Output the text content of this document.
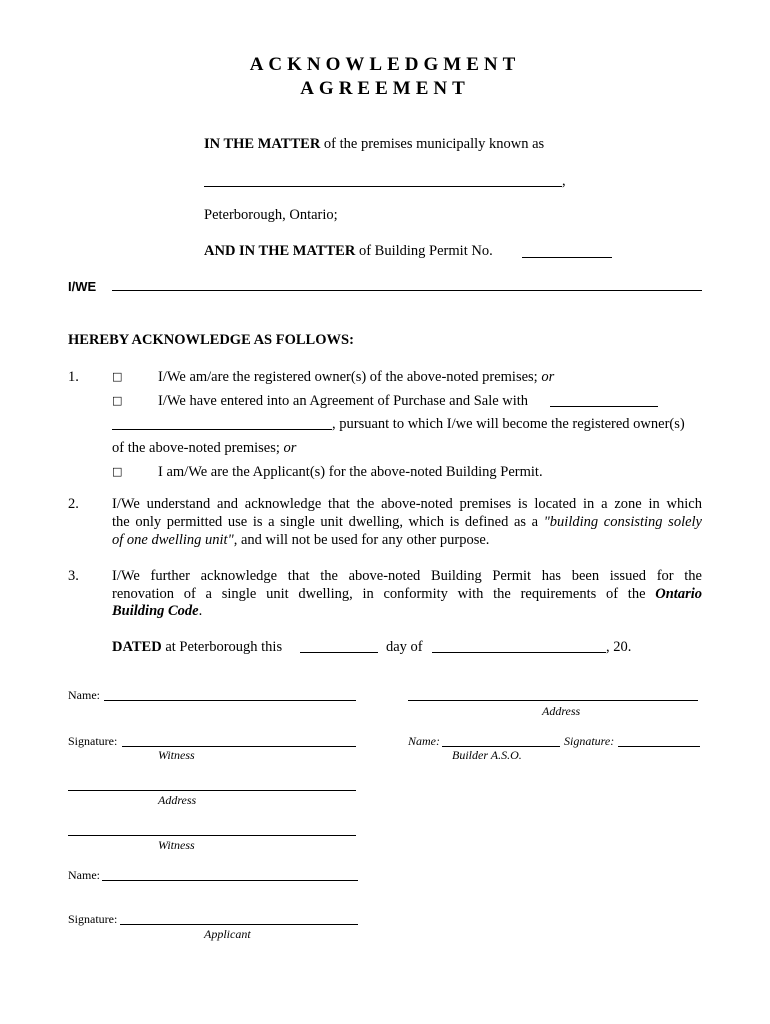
ACKNOWLEDGMENT
AGREEMENT
IN THE MATTER of the premises municipally known as
,
Peterborough, Ontario;
AND IN THE MATTER of Building Permit No.
I/WE
HEREBY ACKNOWLEDGE AS FOLLOWS:
1.	□ I/We am/are the registered owner(s) of the above-noted premises; or
□ I/We have entered into an Agreement of Purchase and Sale with
, pursuant to which I/we will become the registered owner(s)
of the above-noted premises; or
□ I am/We are the Applicant(s) for the above-noted Building Permit.
2. I/We understand and acknowledge that the above-noted premises is located in a zone in which
the only permitted use is a single unit dwelling, which is defined as a "building consisting solely
of one dwelling unit", and will not be used for any other purpose.
3. I/We further acknowledge that the above-noted Building Permit has been issued for the
renovation of a single unit dwelling, in conformity with the requirements of the Ontario
Building Code.
DATED at Peterborough this	day of	, 20.
Name:
Signature:
Witness
Address
Witness
Name:
Signature:
Applicant
Address
Name:	Signature:
Builder A.S.O.
